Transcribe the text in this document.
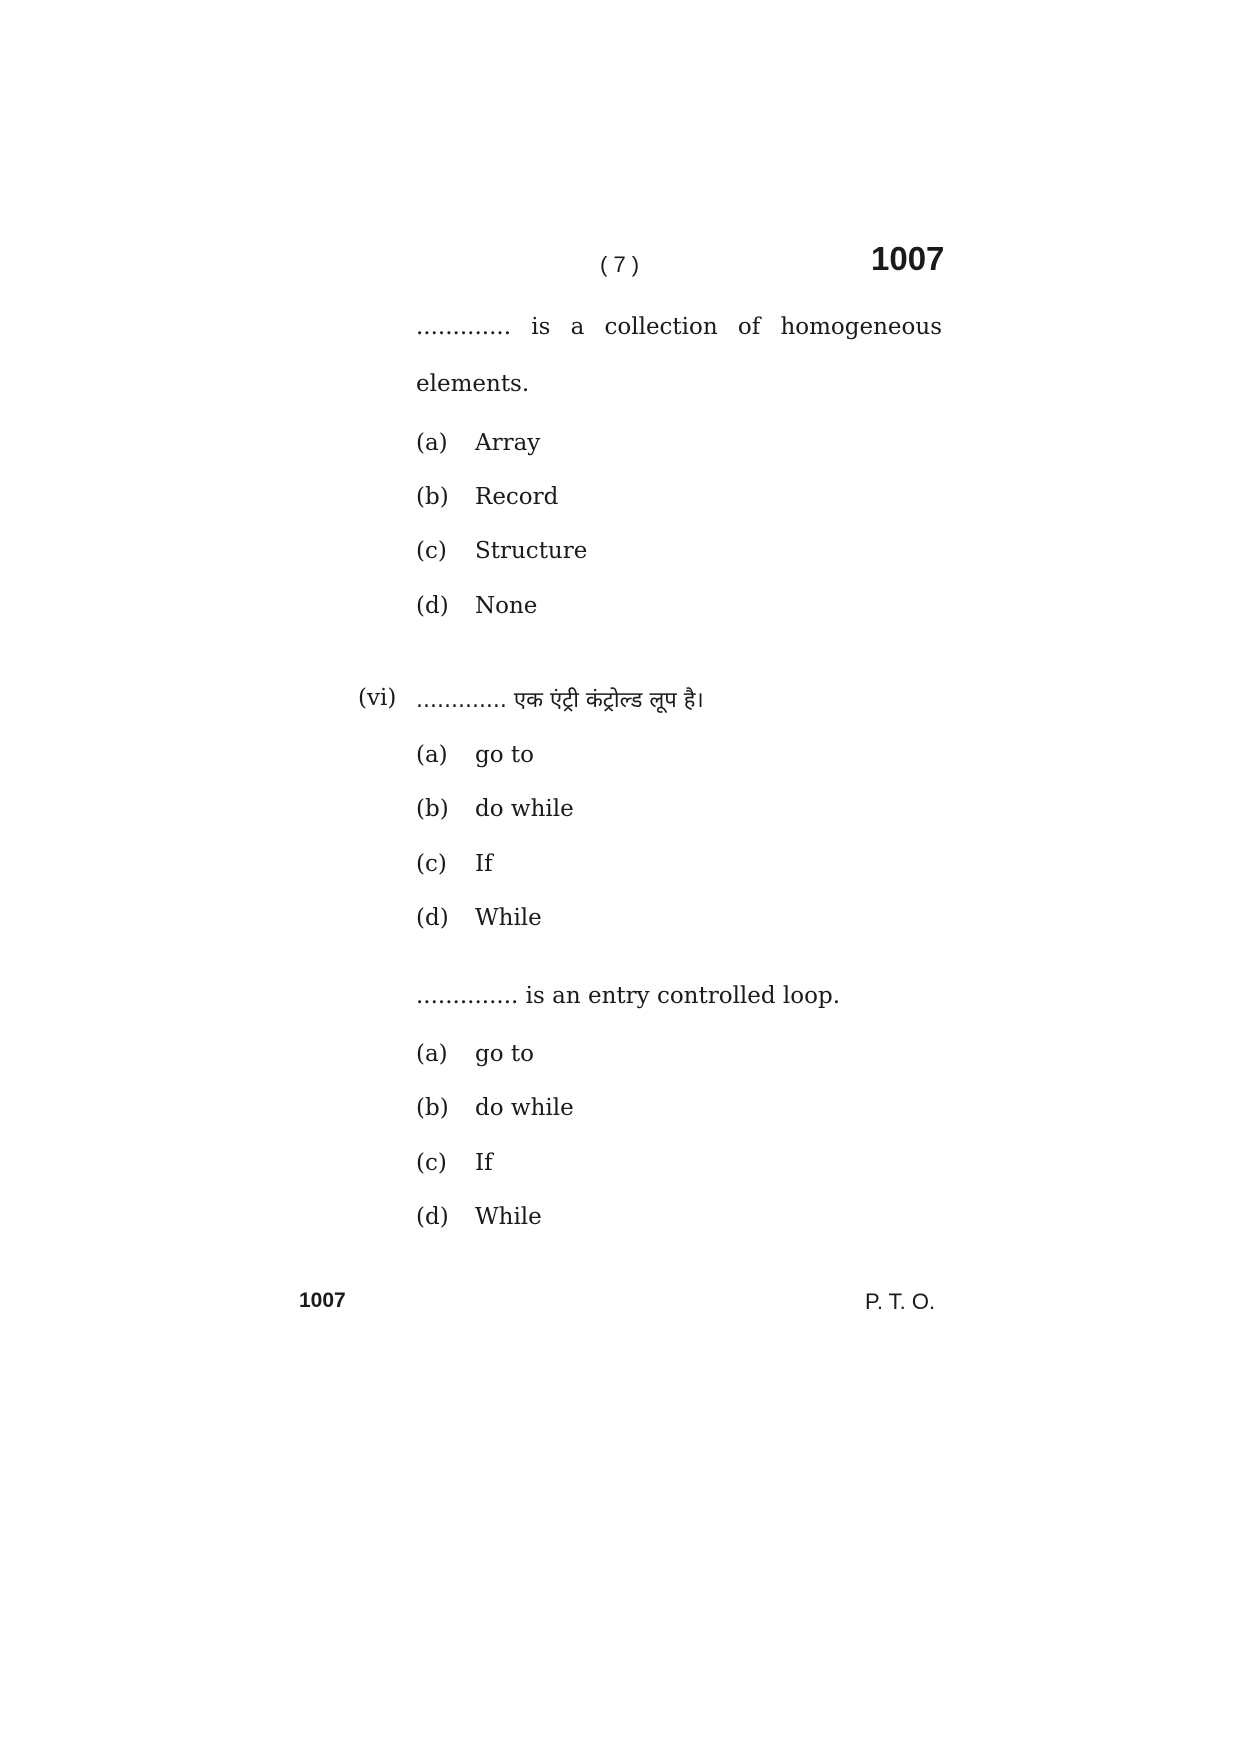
( 7 )	1007
............. is a collection of homogeneous
elements.
(a) Array
(b) Record
(c) Structure
(d) None
(vi) ............. एक एंट्री कंट्रोल्ड लूप है।
(a) go to
(b) do while
(c) If
(d) While
.............. is an entry controlled loop.
(a) go to
(b) do while
(c) If
(d) While
1007	P. T. O.
